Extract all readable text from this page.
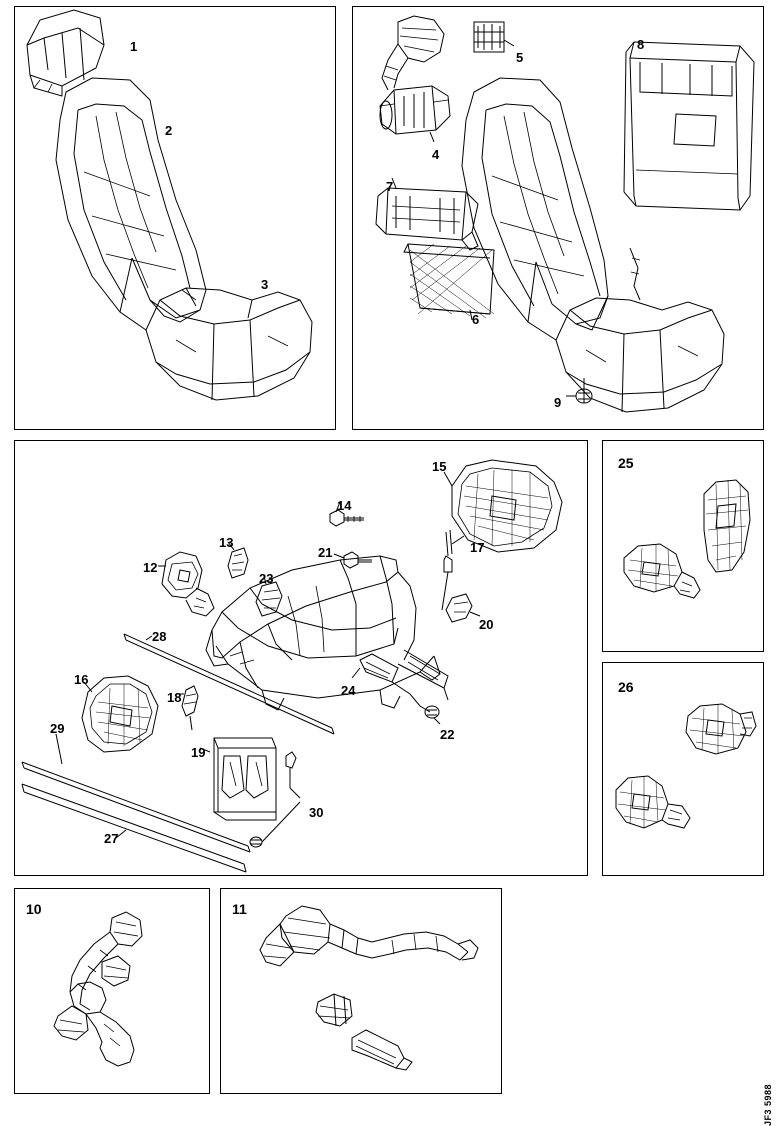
25
26
10	11
1
2
3
4
5
6
7
8
9
12
13
14
15
16
17
18
19
20
21
22
23
24
27
28
29
30
JF3 5988
